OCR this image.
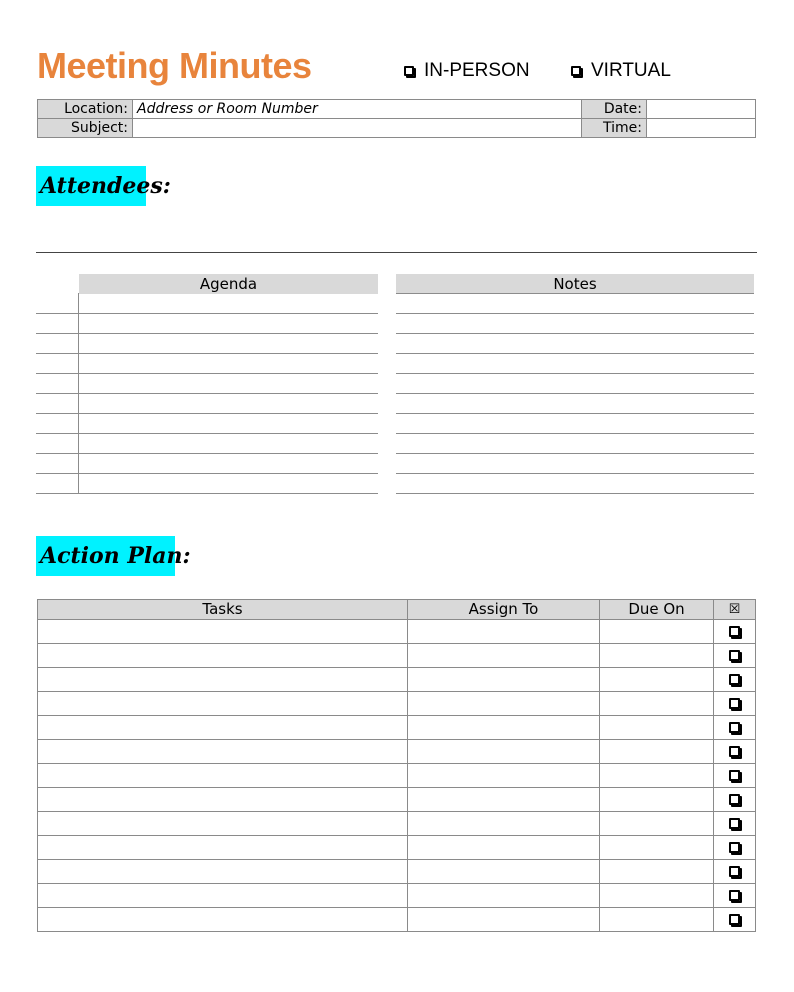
Meeting Minutes	IN-PERSON	VIRTUAL
Location:	Address or Room Number	Date:	
Subject:		Time:	
Attendees:
Agenda	Notes
Action Plan:
Tasks	Assign To	Due On	☒
